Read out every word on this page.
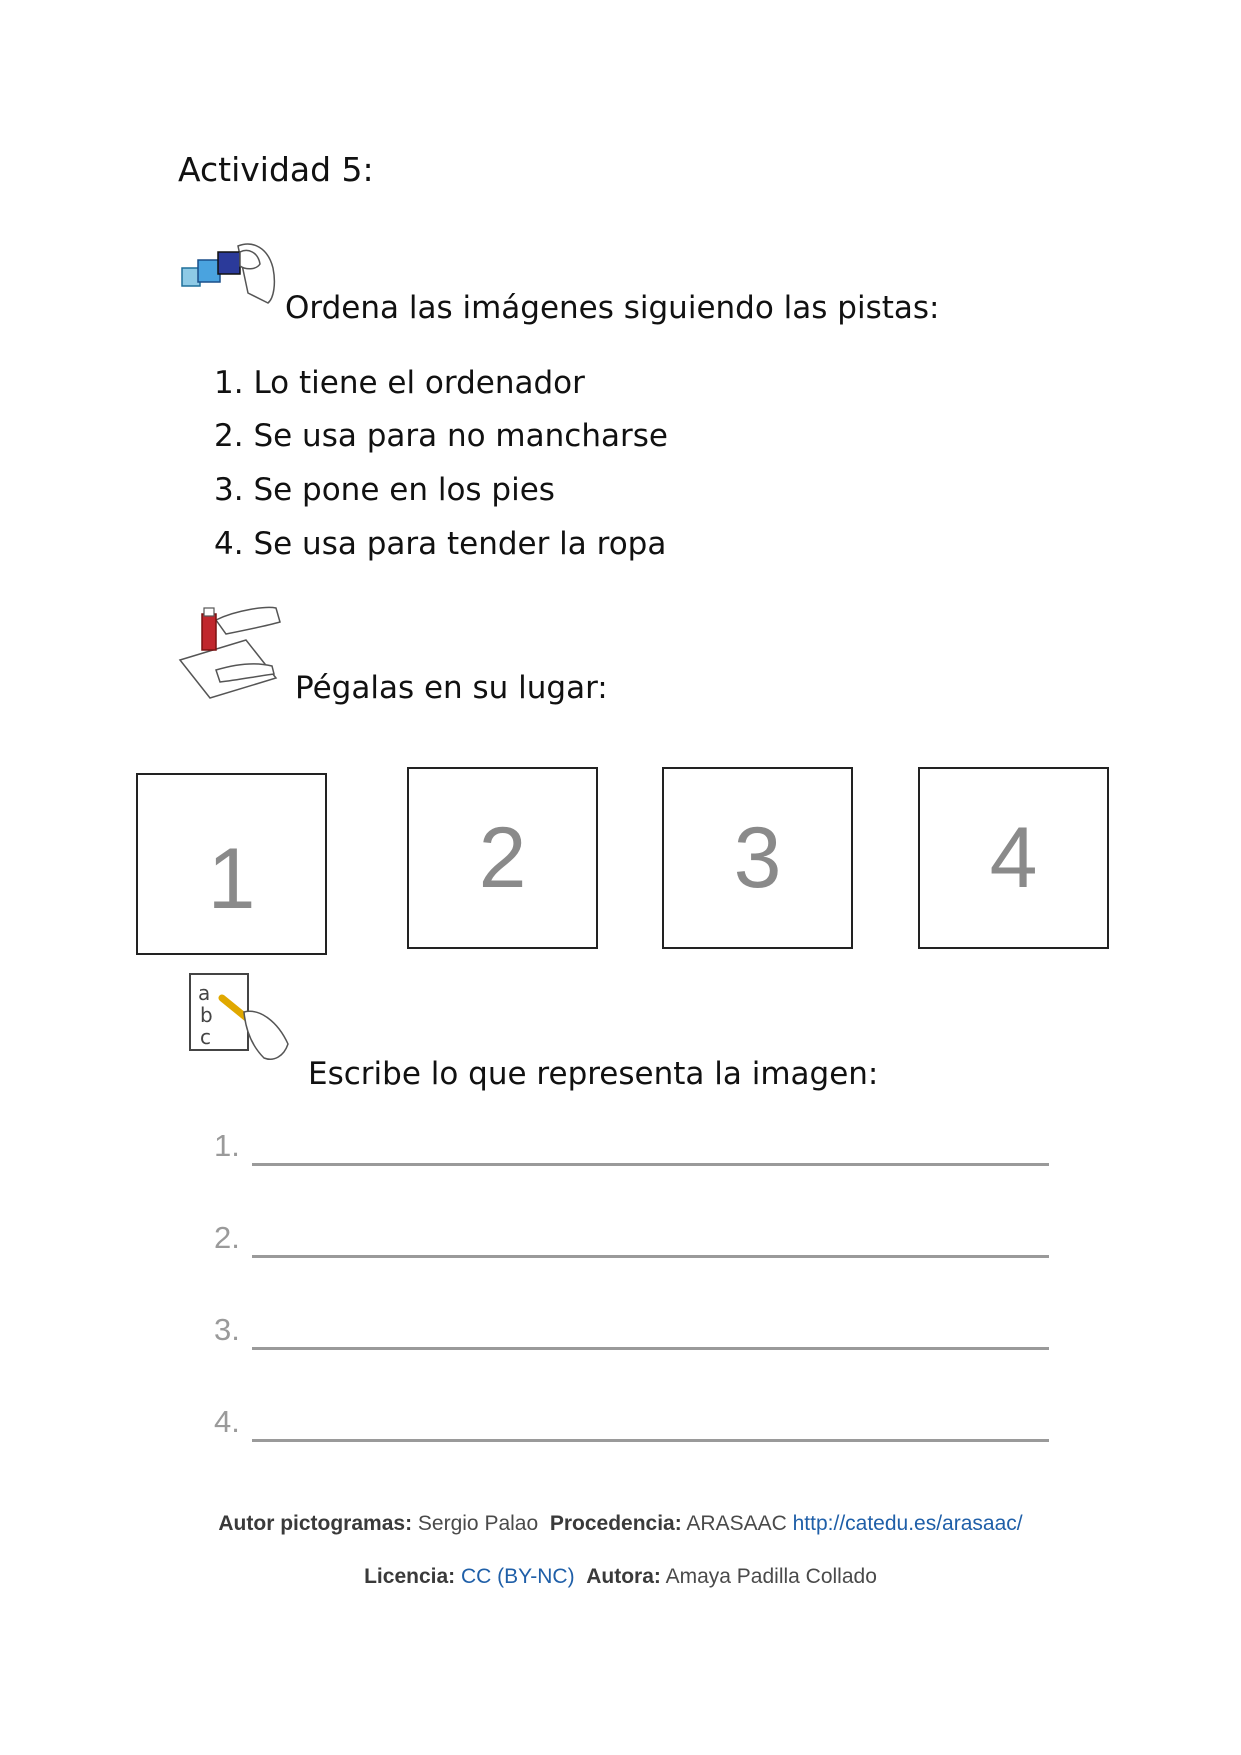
Actividad 5:
Ordena las imágenes siguiendo las pistas:
1. Lo tiene el ordenador
2. Se usa para no mancharse
3. Se pone en los pies
4. Se usa para tender la ropa
Pégalas en su lugar:
1	2 3 4
a
b
c
Escribe lo que representa la imagen:
1.
2.
3.
4.
Autor pictogramas: Sergio Palao Procedencia: ARASAAC http://catedu.es/arasaac/
Licencia: CC (BY-NC) Autora: Amaya Padilla Collado
